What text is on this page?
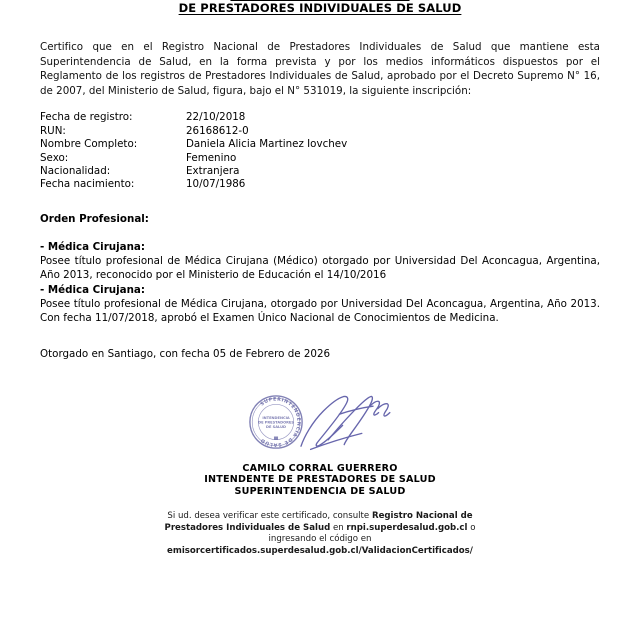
DE PRESTADORES INDIVIDUALES DE SALUD
Certifico que en el Registro Nacional de Prestadores Individuales de Salud que mantiene esta Superintendencia de Salud, en la forma prevista y por los medios informáticos dispuestos por el Reglamento de los registros de Prestadores Individuales de Salud, aprobado por el Decreto Supremo N° 16, de 2007, del Ministerio de Salud, figura, bajo el N° 531019, la siguiente inscripción:
Fecha de registro:	22/10/2018
RUN:	26168612-0
Nombre Completo:	Daniela Alicia Martinez Iovchev
Sexo:	Femenino
Nacionalidad:	Extranjera
Fecha nacimiento:	10/07/1986
Orden Profesional:
- Médica Cirujana:
Posee título profesional de Médica Cirujana (Médico) otorgado por Universidad Del Aconcagua, Argentina, Año 2013, reconocido por el Ministerio de Educación el 14/10/2016
- Médica Cirujana:
Posee título profesional de Médica Cirujana, otorgado por Universidad Del Aconcagua, Argentina, Año 2013. Con fecha 11/07/2018, aprobó el Examen Único Nacional de Conocimientos de Medicina.
Otorgado en Santiago, con fecha 05 de Febrero de 2026
SUPERINTENDENCIA DE SALUD
INTENDENCIA
DE PRESTADORES
DE SALUD
CAMILO CORRAL GUERRERO
INTENDENTE DE PRESTADORES DE SALUD
SUPERINTENDENCIA DE SALUD
Si ud. desea verificar este certificado, consulte Registro Nacional de Prestadores Individuales de Salud en rnpi.superdesalud.gob.cl o ingresando el código en
emisorcertificados.superdesalud.gob.cl/ValidacionCertificados/
